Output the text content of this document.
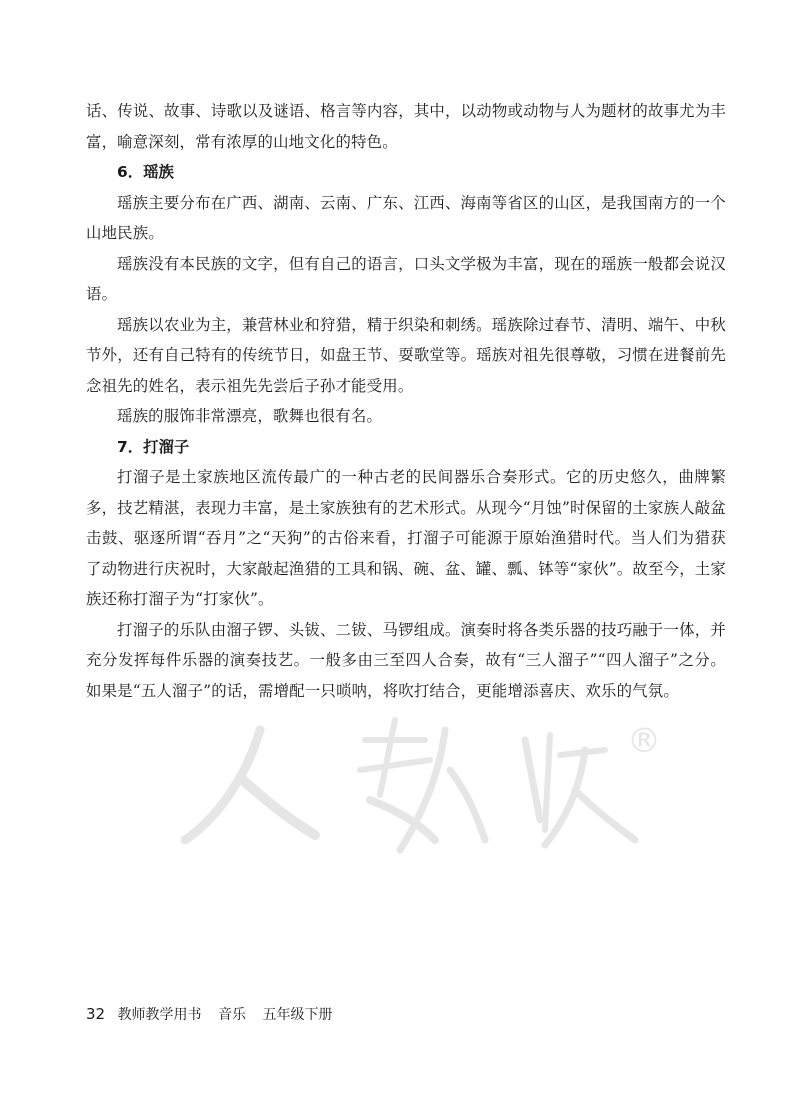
话、传说、故事、诗歌以及谜语、格言等内容，其中，以动物或动物与人为题材的故事尤为丰富，喻意深刻，常有浓厚的山地文化的特色。

6．瑶族

瑶族主要分布在广西、湖南、云南、广东、江西、海南等省区的山区，是我国南方的一个山地民族。

瑶族没有本民族的文字，但有自己的语言，口头文学极为丰富，现在的瑶族一般都会说汉语。

瑶族以农业为主，兼营林业和狩猎，精于织染和刺绣。瑶族除过春节、清明、端午、中秋节外，还有自己特有的传统节日，如盘王节、耍歌堂等。瑶族对祖先很尊敬，习惯在进餐前先念祖先的姓名，表示祖先先尝后子孙才能受用。

瑶族的服饰非常漂亮，歌舞也很有名。

7．打溜子

打溜子是土家族地区流传最广的一种古老的民间器乐合奏形式。它的历史悠久，曲牌繁多，技艺精湛，表现力丰富，是土家族独有的艺术形式。从现今“月蚀”时保留的土家族人敲盆击鼓、驱逐所谓“吞月”之“天狗”的古俗来看，打溜子可能源于原始渔猎时代。当人们为猎获了动物进行庆祝时，大家敲起渔猎的工具和锅、碗、盆、罐、瓢、钵等“家伙”。故至今，土家族还称打溜子为“打家伙”。

打溜子的乐队由溜子锣、头钹、二钹、马锣组成。演奏时将各类乐器的技巧融于一体，并充分发挥每件乐器的演奏技艺。一般多由三至四人合奏，故有“三人溜子”“四人溜子”之分。如果是“五人溜子”的话，需增配一只唢呐，将吹打结合，更能增添喜庆、欢乐的气氛。

®
32 教师教学用书 音乐 五年级下册
